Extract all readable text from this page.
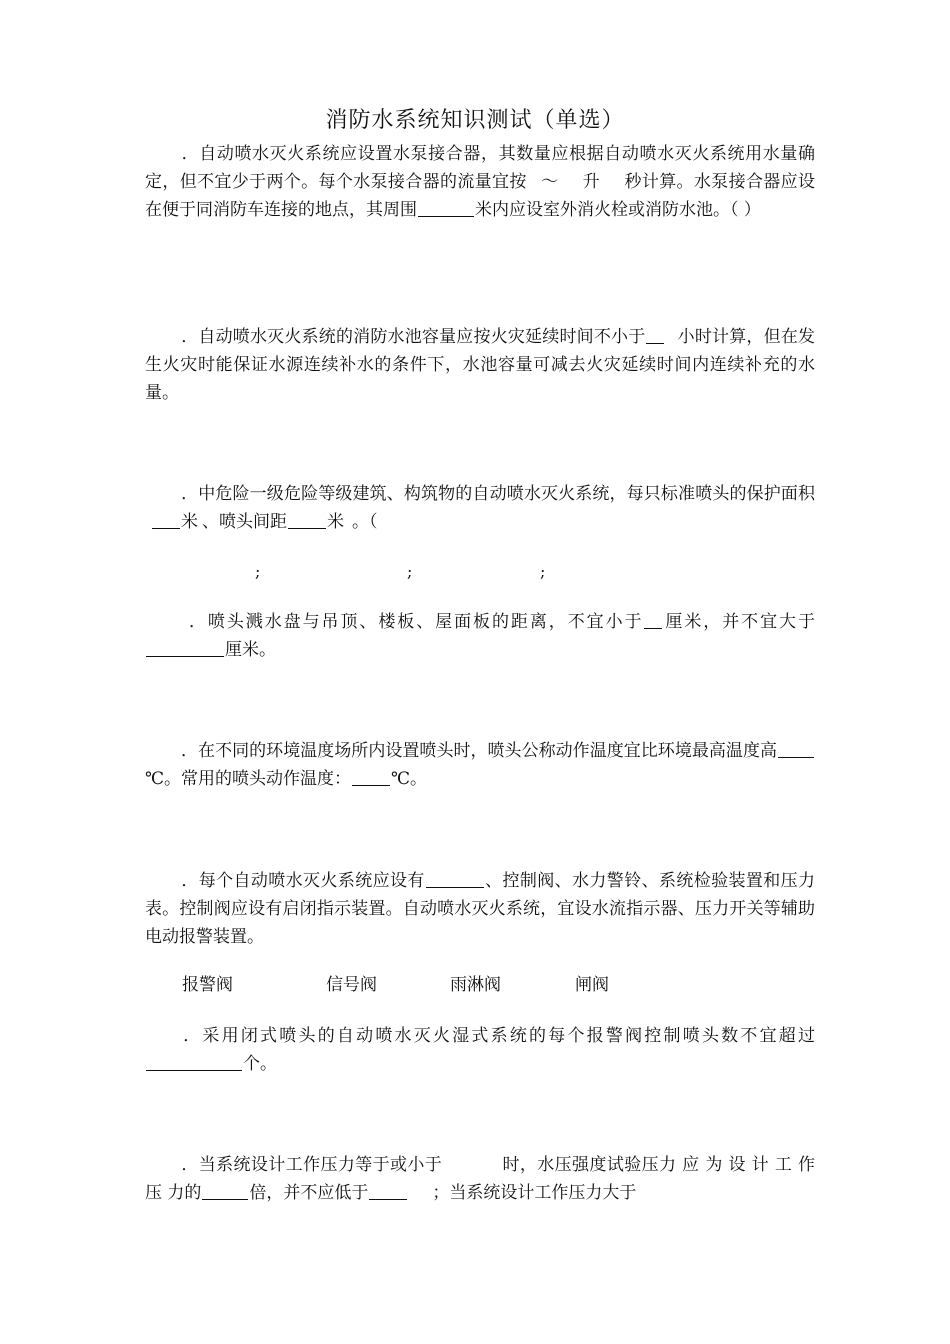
消防水系统知识测试（单选）
．自动喷水灭火系统应设置水泵接合器，其数量应根据自动喷水灭火系统用水量确定，但不宜少于两个。每个水泵接合器的流量宜按 ～ 升 秒计算。水泵接合器应设在便于同消防车连接的地点，其周围	米内应设室外消火栓或消防水池。（ ）
．自动喷水灭火系统的消防水池容量应按火灾延续时间不小于 小时计算，但在发生火灾时能保证水源连续补水的条件下，水池容量可减去火灾延续时间内连续补充的水量。
．中危险一级危险等级建筑、构筑物的自动喷水灭火系统，每只标准喷头的保护面积米 、喷头间距 米 。（
;	;	;
．喷头溅水盘与吊顶、楼板、屋面板的距离，不宜小于 厘米，并不宜大于厘米。
．在不同的环境温度场所内设置喷头时，喷头公称动作温度宜比环境最高温度高℃。常用的喷头动作温度： ℃。
．每个自动喷水灭火系统应设有	、控制阀、水力警铃、系统检验装置和压力表。控制阀应设有启闭指示装置。自动喷水灭火系统，宜设水流指示器、压力开关等辅助电动报警装置。
报警阀	信号阀	雨淋阀	闸阀
．采用闭式喷头的自动喷水灭火湿式系统的每个报警阀控制喷头数不宜超过个。
．当系统设计工作压力等于或小于	时，水压强度试验压力 应 为 设 计 工 作压 力的	倍，并不应低于	；当系统设计工作压力大于
